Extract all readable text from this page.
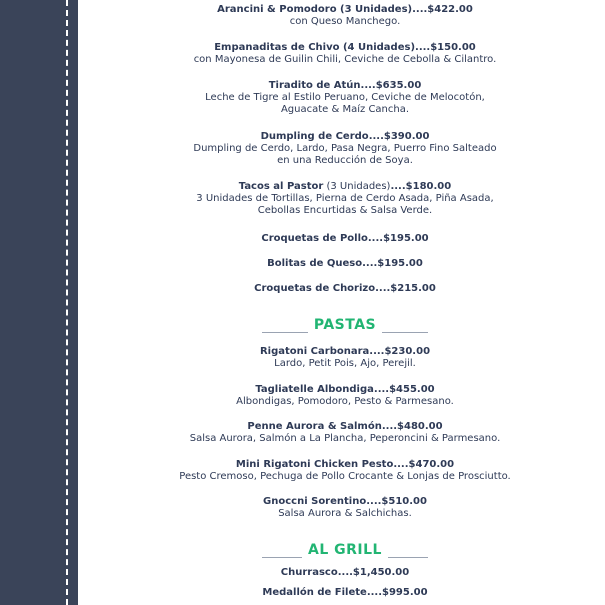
Arancini & Pomodoro (3 Unidades)....$422.00
con Queso Manchego.
Empanaditas de Chivo (4 Unidades)....$150.00
con Mayonesa de Guilin Chili, Ceviche de Cebolla & Cilantro.
Tiradito de Atún....$635.00
Leche de Tigre al Estilo Peruano, Ceviche de Melocotón,
Aguacate & Maíz Cancha.
Dumpling de Cerdo....$390.00
Dumpling de Cerdo, Lardo, Pasa Negra, Puerro Fino Salteado
en una Reducción de Soya.
Tacos al Pastor (3 Unidades)....$180.00
3 Unidades de Tortillas, Pierna de Cerdo Asada, Piña Asada,
Cebollas Encurtidas & Salsa Verde.
Croquetas de Pollo....$195.00
Bolitas de Queso....$195.00
Croquetas de Chorizo....$215.00
PASTAS
Rigatoni Carbonara....$230.00
Lardo, Petit Pois, Ajo, Perejil.
Tagliatelle Albondiga....$455.00
Albondigas, Pomodoro, Pesto & Parmesano.
Penne Aurora & Salmón....$480.00
Salsa Aurora, Salmón a La Plancha, Peperoncini & Parmesano.
Mini Rigatoni Chicken Pesto....$470.00
Pesto Cremoso, Pechuga de Pollo Crocante & Lonjas de Prosciutto.
Gnoccni Sorentino....$510.00
Salsa Aurora & Salchichas.
AL GRILL
Churrasco....$1,450.00
Medallón de Filete....$995.00
